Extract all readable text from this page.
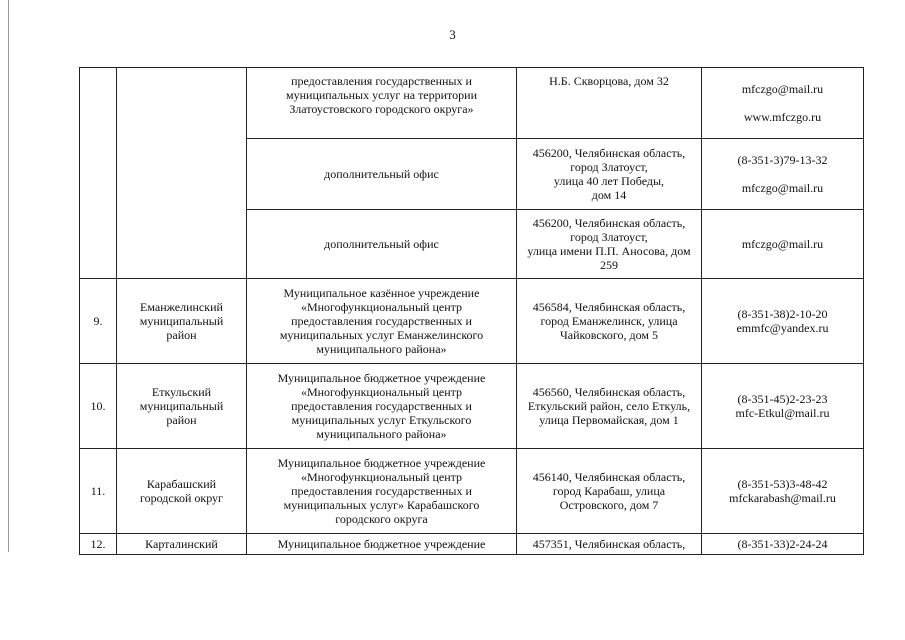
3
		предоставления государственных и
муниципальных услуг на территории
Златоустовского городского округа»	Н.Б. Скворцова, дом 32	mfczgo@mail.ru
www.mfczgo.ru

		дополнительный офис	456200, Челябинская область,
город Златоуст,
улица 40 лет Победы,
дом 14	(8-351-3)79-13-32
mfczgo@mail.ru

		дополнительный офис	456200, Челябинская область,
город Златоуст,
улица имени П.П. Аносова, дом
259	mfczgo@mail.ru

9.	Еманжелинский
муниципальный
район	Муниципальное казённое учреждение
«Многофункциональный центр
предоставления государственных и
муниципальных услуг Еманжелинского
муниципального района»	456584, Челябинская область,
город Еманжелинск, улица
Чайковского, дом 5	(8-351-38)2-10-20
emmfc@yandex.ru

10.	Еткульский
муниципальный
район	Муниципальное бюджетное учреждение
«Многофункциональный центр
предоставления государственных и
муниципальных услуг Еткульского
муниципального района»	456560, Челябинская область,
Еткульский район, село Еткуль,
улица Первомайская, дом 1	(8-351-45)2-23-23
mfc-Etkul@mail.ru

11.	Карабашский
городской округ	Муниципальное бюджетное учреждение
«Многофункциональный центр
предоставления государственных и
муниципальных услуг» Карабашского
городского округа	456140, Челябинская область,
город Карабаш, улица
Островского, дом 7	(8-351-53)3-48-42
mfckarabash@mail.ru

12.	Карталинский	Муниципальное бюджетное учреждение	457351, Челябинская область,	(8-351-33)2-24-24
